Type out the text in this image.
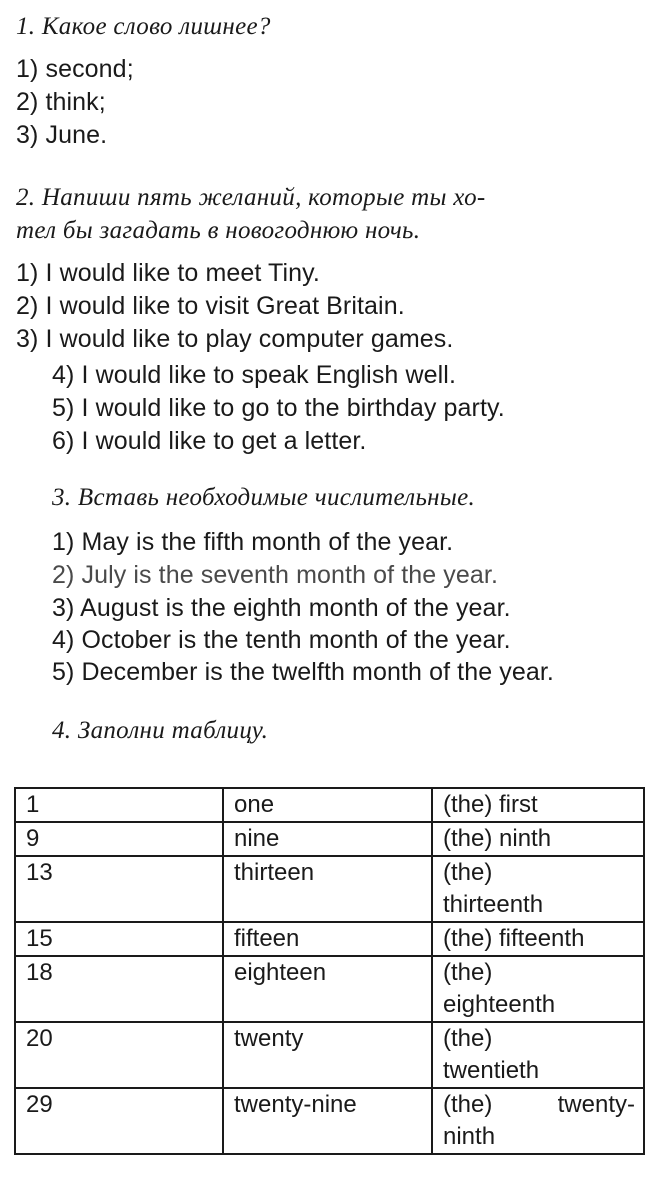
1. Какое слово лишнее?
1) second;
2) think;
3) June.
2. Напиши пять желаний, которые ты хо-
тел бы загадать в новогоднюю ночь.
1) I would like to meet Tiny.
2) I would like to visit Great Britain.
3) I would like to play computer games.
4) I would like to speak English well.
5) I would like to go to the birthday party.
6) I would like to get a letter.
3. Вставь необходимые числительные.
1) May is the fifth month of the year.
2) July is the seventh month of the year.
3) August is the eighth month of the year.
4) October is the tenth month of the year.
5) December is the twelfth month of the year.
4. Заполни таблицу.
1	one	(the) first
9	nine	(the) ninth
13	thirteen	(the)
thirteenth

15	fifteen	(the) fifteenth
18	eighteen	(the)
eighteenth

20	twenty	(the)
twentieth

29	twenty-nine	(the) twenty-
ninth
